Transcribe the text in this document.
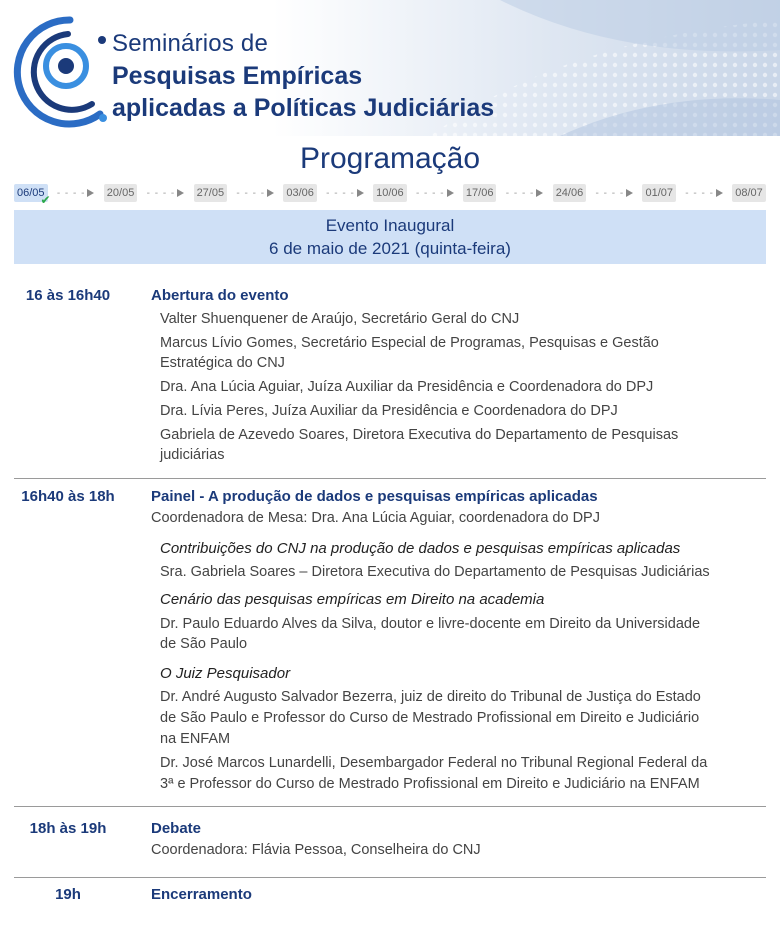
Seminários de
Pesquisas Empíricas
aplicadas a Políticas Judiciárias
Programação
06/05
✔ - - - -	20/05	- - - -	27/05	- - - -	03/06	- - - -	10/06	- - - -	17/06	- - - -	24/06	- - - -	01/07	- - - -	08/07
Evento Inaugural
6 de maio de 2021 (quinta-feira)
16 às 16h40	Abertura do evento
Valter Shuenquener de Araújo, Secretário Geral do CNJ
Marcus Lívio Gomes, Secretário Especial de Programas, Pesquisas e Gestão
Estratégica do CNJ
Dra. Ana Lúcia Aguiar, Juíza Auxiliar da Presidência e Coordenadora do DPJ
Dra. Lívia Peres, Juíza Auxiliar da Presidência e Coordenadora do DPJ
Gabriela de Azevedo Soares, Diretora Executiva do Departamento de Pesquisas
judiciárias
16h40 às 18h	Painel - A produção de dados e pesquisas empíricas aplicadas
Coordenadora de Mesa: Dra. Ana Lúcia Aguiar, coordenadora do DPJ
Contribuições do CNJ na produção de dados e pesquisas empíricas aplicadas
Sra. Gabriela Soares – Diretora Executiva do Departamento de Pesquisas Judiciárias
Cenário das pesquisas empíricas em Direito na academia
Dr. Paulo Eduardo Alves da Silva, doutor e livre-docente em Direito da Universidade
de São Paulo
O Juiz Pesquisador
Dr. André Augusto Salvador Bezerra, juiz de direito do Tribunal de Justiça do Estado
de São Paulo e Professor do Curso de Mestrado Profissional em Direito e Judiciário
na ENFAM
Dr. José Marcos Lunardelli, Desembargador Federal no Tribunal Regional Federal da
3ª e Professor do Curso de Mestrado Profissional em Direito e Judiciário na ENFAM
18h às 19h	Debate
Coordenadora: Flávia Pessoa, Conselheira do CNJ
19h	Encerramento
